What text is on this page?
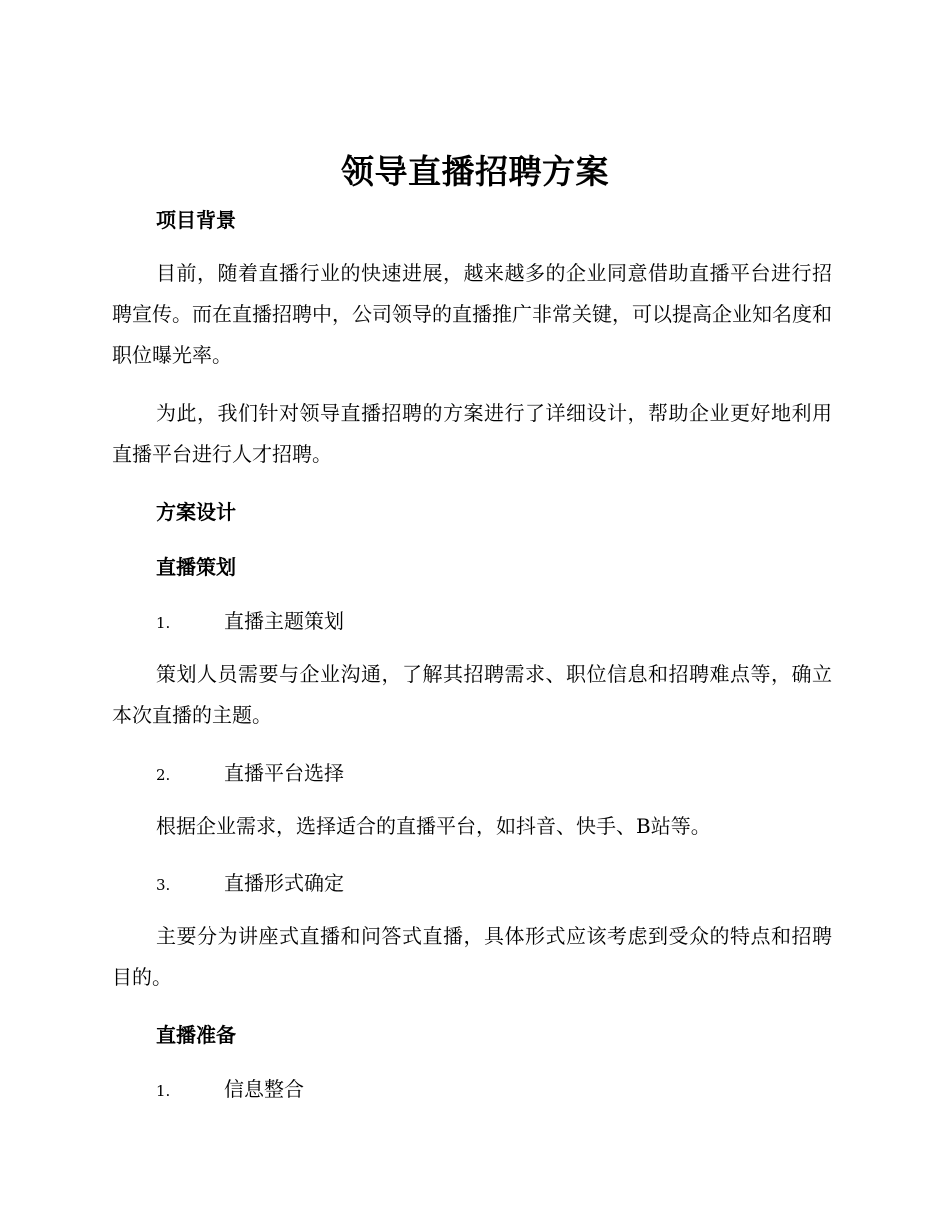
领导直播招聘方案
项目背景
目前，随着直播行业的快速进展，越来越多的企业同意借助直播平台进行招聘宣传。而在直播招聘中，公司领导的直播推广非常关键，可以提高企业知名度和职位曝光率。
为此，我们针对领导直播招聘的方案进行了详细设计，帮助企业更好地利用直播平台进行人才招聘。
方案设计
直播策划
1.	直播主题策划
策划人员需要与企业沟通，了解其招聘需求、职位信息和招聘难点等，确立本次直播的主题。
2.	直播平台选择
根据企业需求，选择适合的直播平台，如抖音、快手、B站等。
3.	直播形式确定
主要分为讲座式直播和问答式直播，具体形式应该考虑到受众的特点和招聘目的。
直播准备
1.	信息整合
